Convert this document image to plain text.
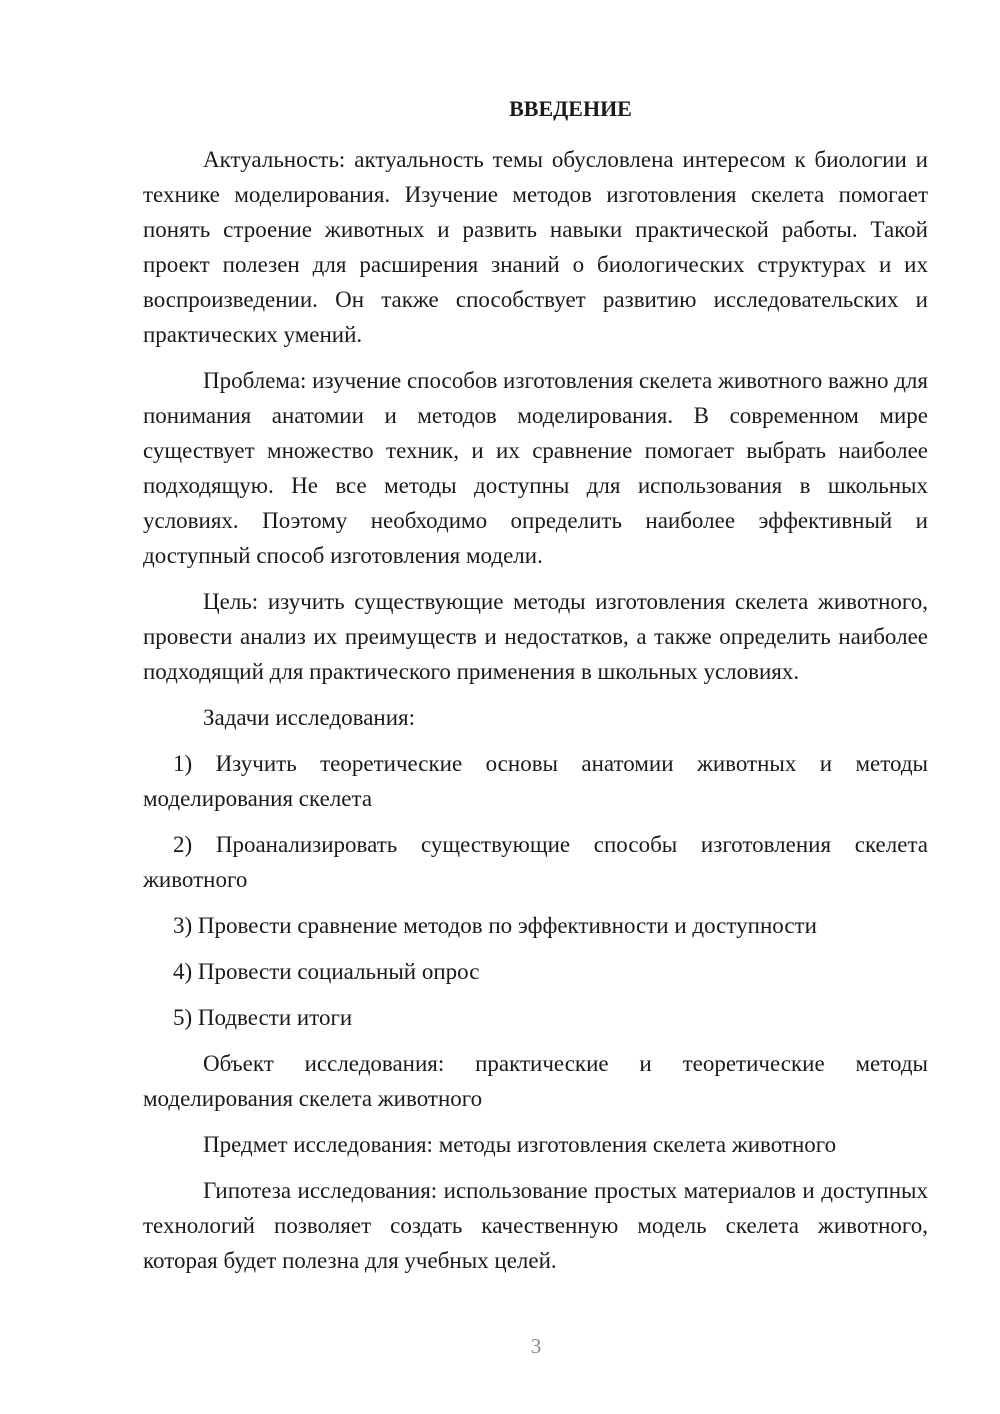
ВВЕДЕНИЕ

Актуальность: актуальность темы обусловлена интересом к биологии и технике моделирования. Изучение методов изготовления скелета помогает понять строение животных и развить навыки практической работы. Такой проект полезен для расширения знаний о биологических структурах и их воспроизведении. Он также способствует развитию исследовательских и практических умений.

Проблема: изучение способов изготовления скелета животного важно для понимания анатомии и методов моделирования. В современном мире существует множество техник, и их сравнение помогает выбрать наиболее подходящую. Не все методы доступны для использования в школьных условиях. Поэтому необходимо определить наиболее эффективный и доступный способ изготовления модели.

Цель: изучить существующие методы изготовления скелета животного, провести анализ их преимуществ и недостатков, а также определить наиболее подходящий для практического применения в школьных условиях.

Задачи исследования:

1) Изучить теоретические основы анатомии животных и методы моделирования скелета

2) Проанализировать существующие способы изготовления скелета животного

3) Провести сравнение методов по эффективности и доступности

4) Провести социальный опрос

5) Подвести итоги

Объект исследования: практические и теоретические методы моделирования скелета животного

Предмет исследования: методы изготовления скелета животного

Гипотеза исследования: использование простых материалов и доступных технологий позволяет создать качественную модель скелета животного, которая будет полезна для учебных целей.

3
